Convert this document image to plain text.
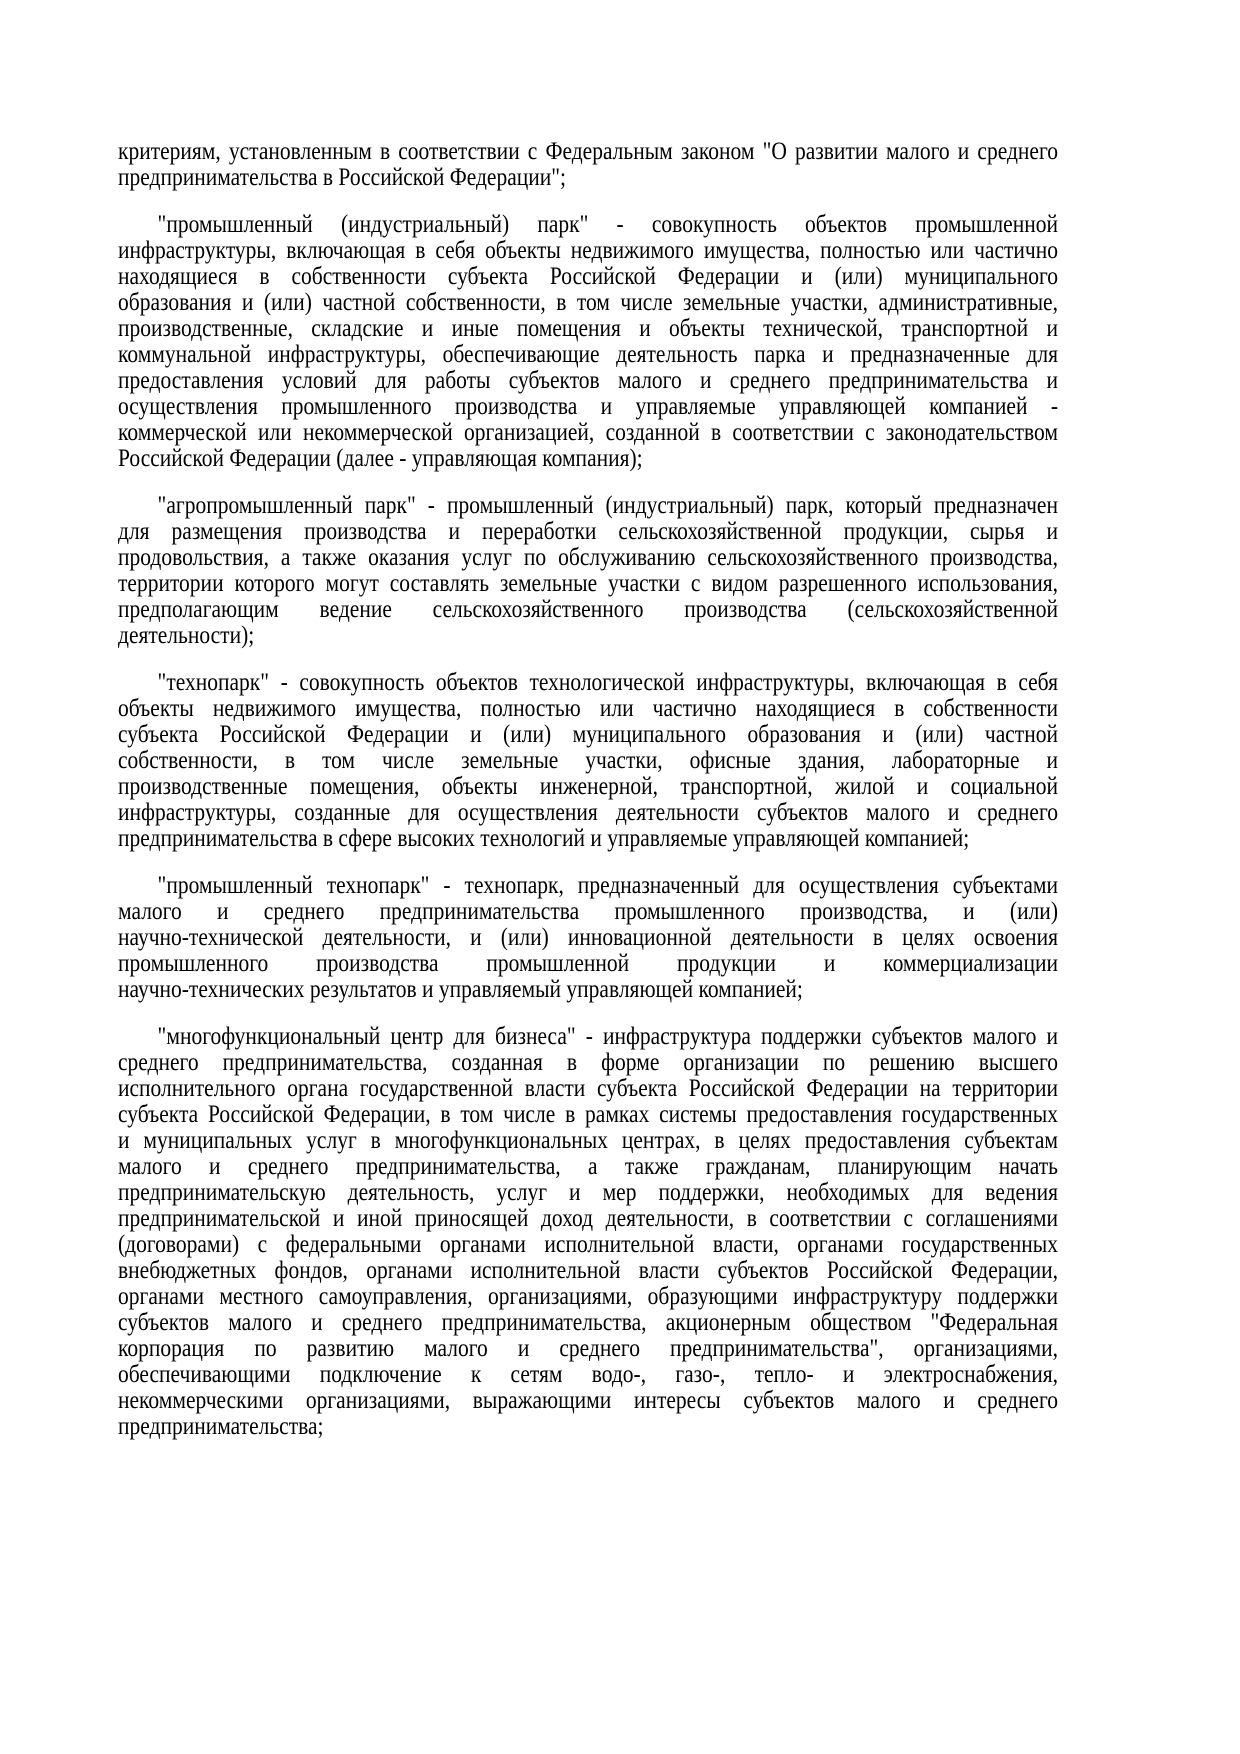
критериям, установленным в соответствии с Федеральным законом "О развитии малого и среднего
предпринимательства в Российской Федерации";
"промышленный (индустриальный) парк" - совокупность объектов промышленной
инфраструктуры, включающая в себя объекты недвижимого имущества, полностью или частично
находящиеся в собственности субъекта Российской Федерации и (или) муниципального
образования и (или) частной собственности, в том числе земельные участки, административные,
производственные, складские и иные помещения и объекты технической, транспортной и
коммунальной инфраструктуры, обеспечивающие деятельность парка и предназначенные для
предоставления условий для работы субъектов малого и среднего предпринимательства и
осуществления промышленного производства и управляемые управляющей компанией -
коммерческой или некоммерческой организацией, созданной в соответствии с законодательством
Российской Федерации (далее - управляющая компания);
"агропромышленный парк" - промышленный (индустриальный) парк, который предназначен
для размещения производства и переработки сельскохозяйственной продукции, сырья и
продовольствия, а также оказания услуг по обслуживанию сельскохозяйственного производства,
территории которого могут составлять земельные участки с видом разрешенного использования,
предполагающим ведение сельскохозяйственного производства (сельскохозяйственной
деятельности);
"технопарк" - совокупность объектов технологической инфраструктуры, включающая в себя
объекты недвижимого имущества, полностью или частично находящиеся в собственности
субъекта Российской Федерации и (или) муниципального образования и (или) частной
собственности, в том числе земельные участки, офисные здания, лабораторные и
производственные помещения, объекты инженерной, транспортной, жилой и социальной
инфраструктуры, созданные для осуществления деятельности субъектов малого и среднего
предпринимательства в сфере высоких технологий и управляемые управляющей компанией;
"промышленный технопарк" - технопарк, предназначенный для осуществления субъектами
малого и среднего предпринимательства промышленного производства, и (или)
научно-технической деятельности, и (или) инновационной деятельности в целях освоения
промышленного производства промышленной продукции и коммерциализации
научно-технических результатов и управляемый управляющей компанией;
"многофункциональный центр для бизнеса" - инфраструктура поддержки субъектов малого и
среднего предпринимательства, созданная в форме организации по решению высшего
исполнительного органа государственной власти субъекта Российской Федерации на территории
субъекта Российской Федерации, в том числе в рамках системы предоставления государственных
и муниципальных услуг в многофункциональных центрах, в целях предоставления субъектам
малого и среднего предпринимательства, а также гражданам, планирующим начать
предпринимательскую деятельность, услуг и мер поддержки, необходимых для ведения
предпринимательской и иной приносящей доход деятельности, в соответствии с соглашениями
(договорами) с федеральными органами исполнительной власти, органами государственных
внебюджетных фондов, органами исполнительной власти субъектов Российской Федерации,
органами местного самоуправления, организациями, образующими инфраструктуру поддержки
субъектов малого и среднего предпринимательства, акционерным обществом "Федеральная
корпорация по развитию малого и среднего предпринимательства", организациями,
обеспечивающими подключение к сетям водо-, газо-, тепло- и электроснабжения,
некоммерческими организациями, выражающими интересы субъектов малого и среднего
предпринимательства;
